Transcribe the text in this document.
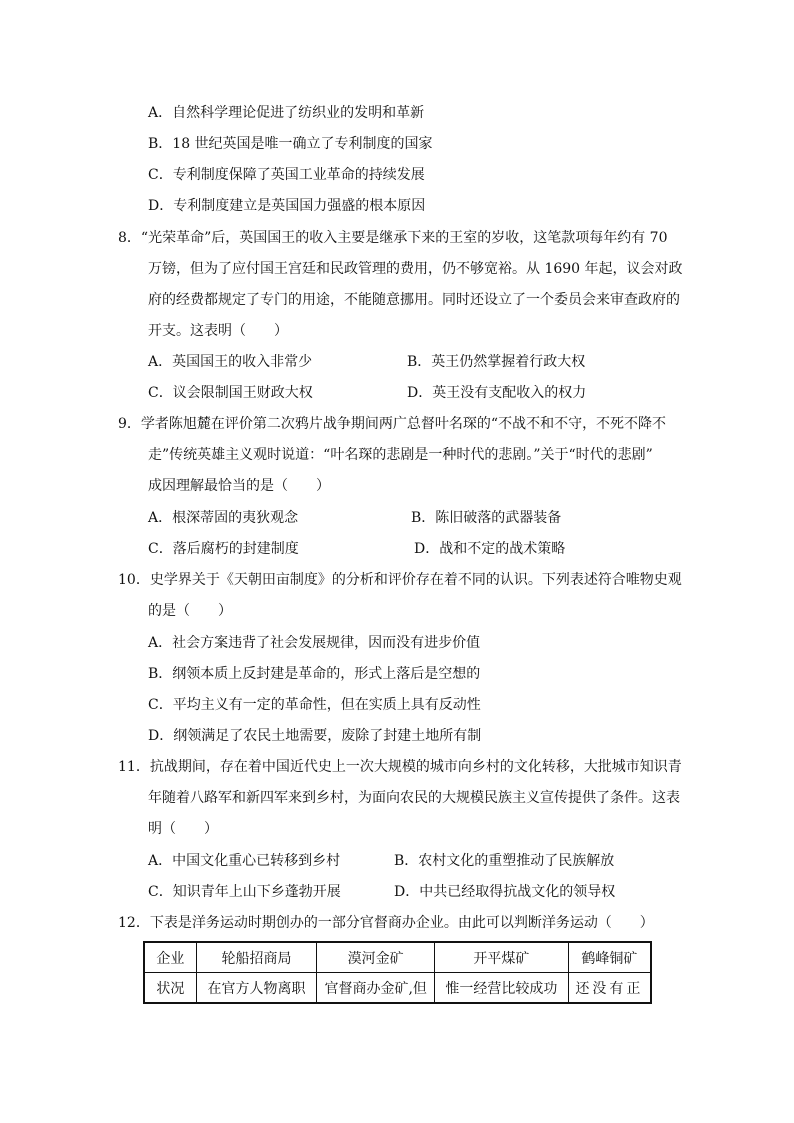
A．自然科学理论促进了纺织业的发明和革新
B．18 世纪英国是唯一确立了专利制度的国家
C．专利制度保障了英国工业革命的持续发展
D．专利制度建立是英国国力强盛的根本原因
8．“光荣革命”后，英国国王的收入主要是继承下来的王室的岁收，这笔款项每年约有 70
万镑，但为了应付国王宫廷和民政管理的费用，仍不够宽裕。从 1690 年起，议会对政
府的经费都规定了专门的用途，不能随意挪用。同时还设立了一个委员会来审查政府的
开支。这表明（　　）
A．英国国王的收入非常少	B．英王仍然掌握着行政大权
C．议会限制国王财政大权	D．英王没有支配收入的权力
9．学者陈旭麓在评价第二次鸦片战争期间两广总督叶名琛的“不战不和不守，不死不降不
走”传统英雄主义观时说道：“叶名琛的悲剧是一种时代的悲剧。”关于“时代的悲剧”
成因理解最恰当的是（　　）
A．根深蒂固的夷狄观念	B．陈旧破落的武器装备
C．落后腐朽的封建制度	D．战和不定的战术策略
10．史学界关于《天朝田亩制度》的分析和评价存在着不同的认识。下列表述符合唯物史观
的是（　　）
A．社会方案违背了社会发展规律，因而没有进步价值
B．纲领本质上反封建是革命的，形式上落后是空想的
C．平均主义有一定的革命性，但在实质上具有反动性
D．纲领满足了农民土地需要，废除了封建土地所有制
11．抗战期间，存在着中国近代史上一次大规模的城市向乡村的文化转移，大批城市知识青
年随着八路军和新四军来到乡村，为面向农民的大规模民族主义宣传提供了条件。这表
明（　　）
A．中国文化重心已转移到乡村	B．农村文化的重塑推动了民族解放
C．知识青年上山下乡蓬勃开展	D．中共已经取得抗战文化的领导权
12．下表是洋务运动时期创办的一部分官督商办企业。由此可以判断洋务运动（　　）
企业	轮船招商局	漠河金矿	开平煤矿	鹤峰铜矿
状况	在官方人物离职	官督商办金矿,但	惟一经营比较成功	还没有正
